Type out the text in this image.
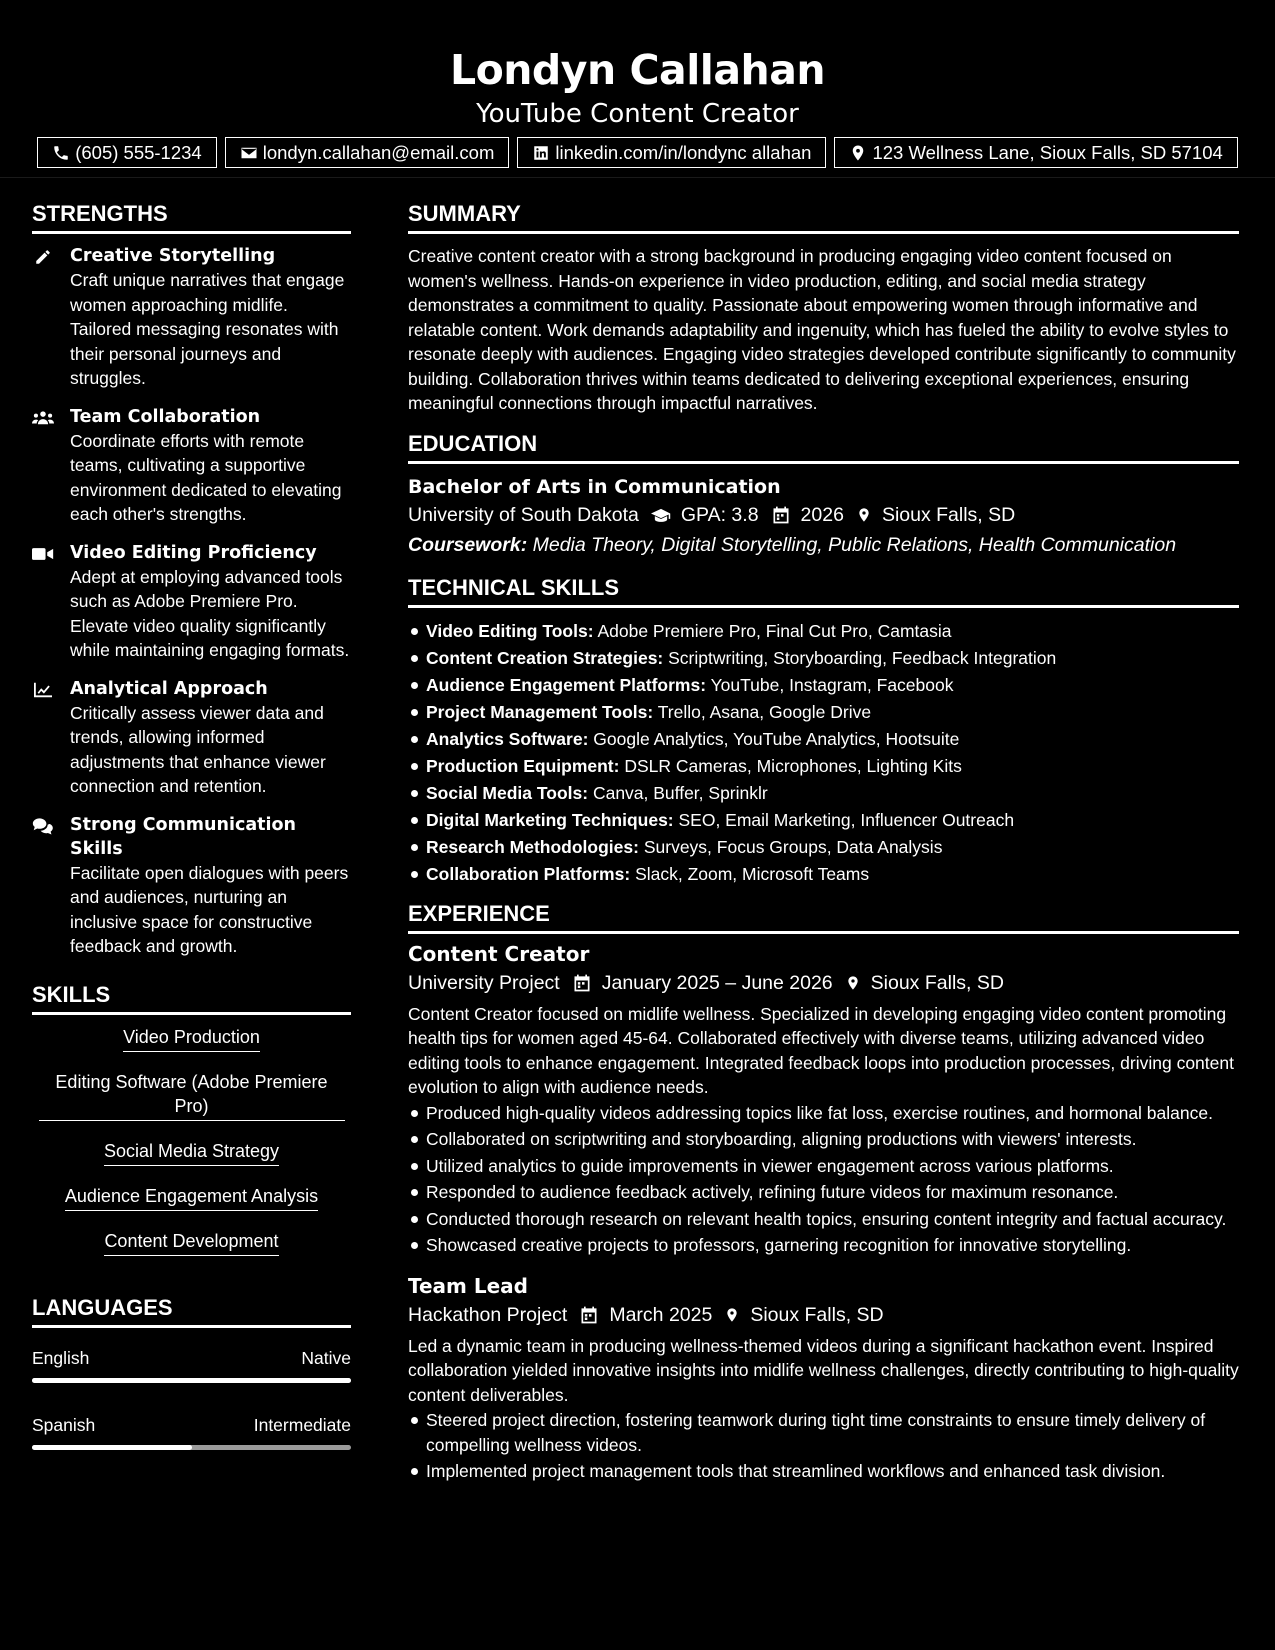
Londyn Callahan
YouTube Content Creator
(605) 555-1234	londyn.callahan@email.com	linkedin.com/in/londync allahan	123 Wellness Lane, Sioux Falls, SD 57104
STRENGTHS
Creative Storytelling
Craft unique narratives that engage women approaching midlife. Tailored messaging resonates with their personal journeys and struggles.
Team Collaboration
Coordinate efforts with remote teams, cultivating a supportive environment dedicated to elevating each other's strengths.
Video Editing Proficiency
Adept at employing advanced tools such as Adobe Premiere Pro. Elevate video quality significantly while maintaining engaging formats.
Analytical Approach
Critically assess viewer data and trends, allowing informed adjustments that enhance viewer connection and retention.
Strong Communication Skills
Facilitate open dialogues with peers and audiences, nurturing an inclusive space for constructive feedback and growth.
SKILLS
Video Production
Editing Software (Adobe Premiere Pro)
Social Media Strategy
Audience Engagement Analysis
Content Development
LANGUAGES
English	Native
Spanish	Intermediate
SUMMARY
Creative content creator with a strong background in producing engaging video content focused on women's wellness. Hands-on experience in video production, editing, and social media strategy demonstrates a commitment to quality. Passionate about empowering women through informative and relatable content. Work demands adaptability and ingenuity, which has fueled the ability to evolve styles to resonate deeply with audiences. Engaging video strategies developed contribute significantly to community building. Collaboration thrives within teams dedicated to delivering exceptional experiences, ensuring meaningful connections through impactful narratives.
EDUCATION
Bachelor of Arts in Communication
University of South Dakota GPA: 3.8 2026 Sioux Falls, SD
Coursework: Media Theory, Digital Storytelling, Public Relations, Health Communication
TECHNICAL SKILLS
Video Editing Tools: Adobe Premiere Pro, Final Cut Pro, Camtasia
Content Creation Strategies: Scriptwriting, Storyboarding, Feedback Integration
Audience Engagement Platforms: YouTube, Instagram, Facebook
Project Management Tools: Trello, Asana, Google Drive
Analytics Software: Google Analytics, YouTube Analytics, Hootsuite
Production Equipment: DSLR Cameras, Microphones, Lighting Kits
Social Media Tools: Canva, Buffer, Sprinklr
Digital Marketing Techniques: SEO, Email Marketing, Influencer Outreach
Research Methodologies: Surveys, Focus Groups, Data Analysis
Collaboration Platforms: Slack, Zoom, Microsoft Teams
EXPERIENCE
Content Creator
University Project January 2025 – June 2026 Sioux Falls, SD
Content Creator focused on midlife wellness. Specialized in developing engaging video content promoting health tips for women aged 45-64. Collaborated effectively with diverse teams, utilizing advanced video editing tools to enhance engagement. Integrated feedback loops into production processes, driving content evolution to align with audience needs.
Produced high-quality videos addressing topics like fat loss, exercise routines, and hormonal balance.
Collaborated on scriptwriting and storyboarding, aligning productions with viewers' interests.
Utilized analytics to guide improvements in viewer engagement across various platforms.
Responded to audience feedback actively, refining future videos for maximum resonance.
Conducted thorough research on relevant health topics, ensuring content integrity and factual accuracy.
Showcased creative projects to professors, garnering recognition for innovative storytelling.
Team Lead
Hackathon Project March 2025 Sioux Falls, SD
Led a dynamic team in producing wellness-themed videos during a significant hackathon event. Inspired collaboration yielded innovative insights into midlife wellness challenges, directly contributing to high-quality content deliverables.
Steered project direction, fostering teamwork during tight time constraints to ensure timely delivery of compelling wellness videos.
Implemented project management tools that streamlined workflows and enhanced task division.
